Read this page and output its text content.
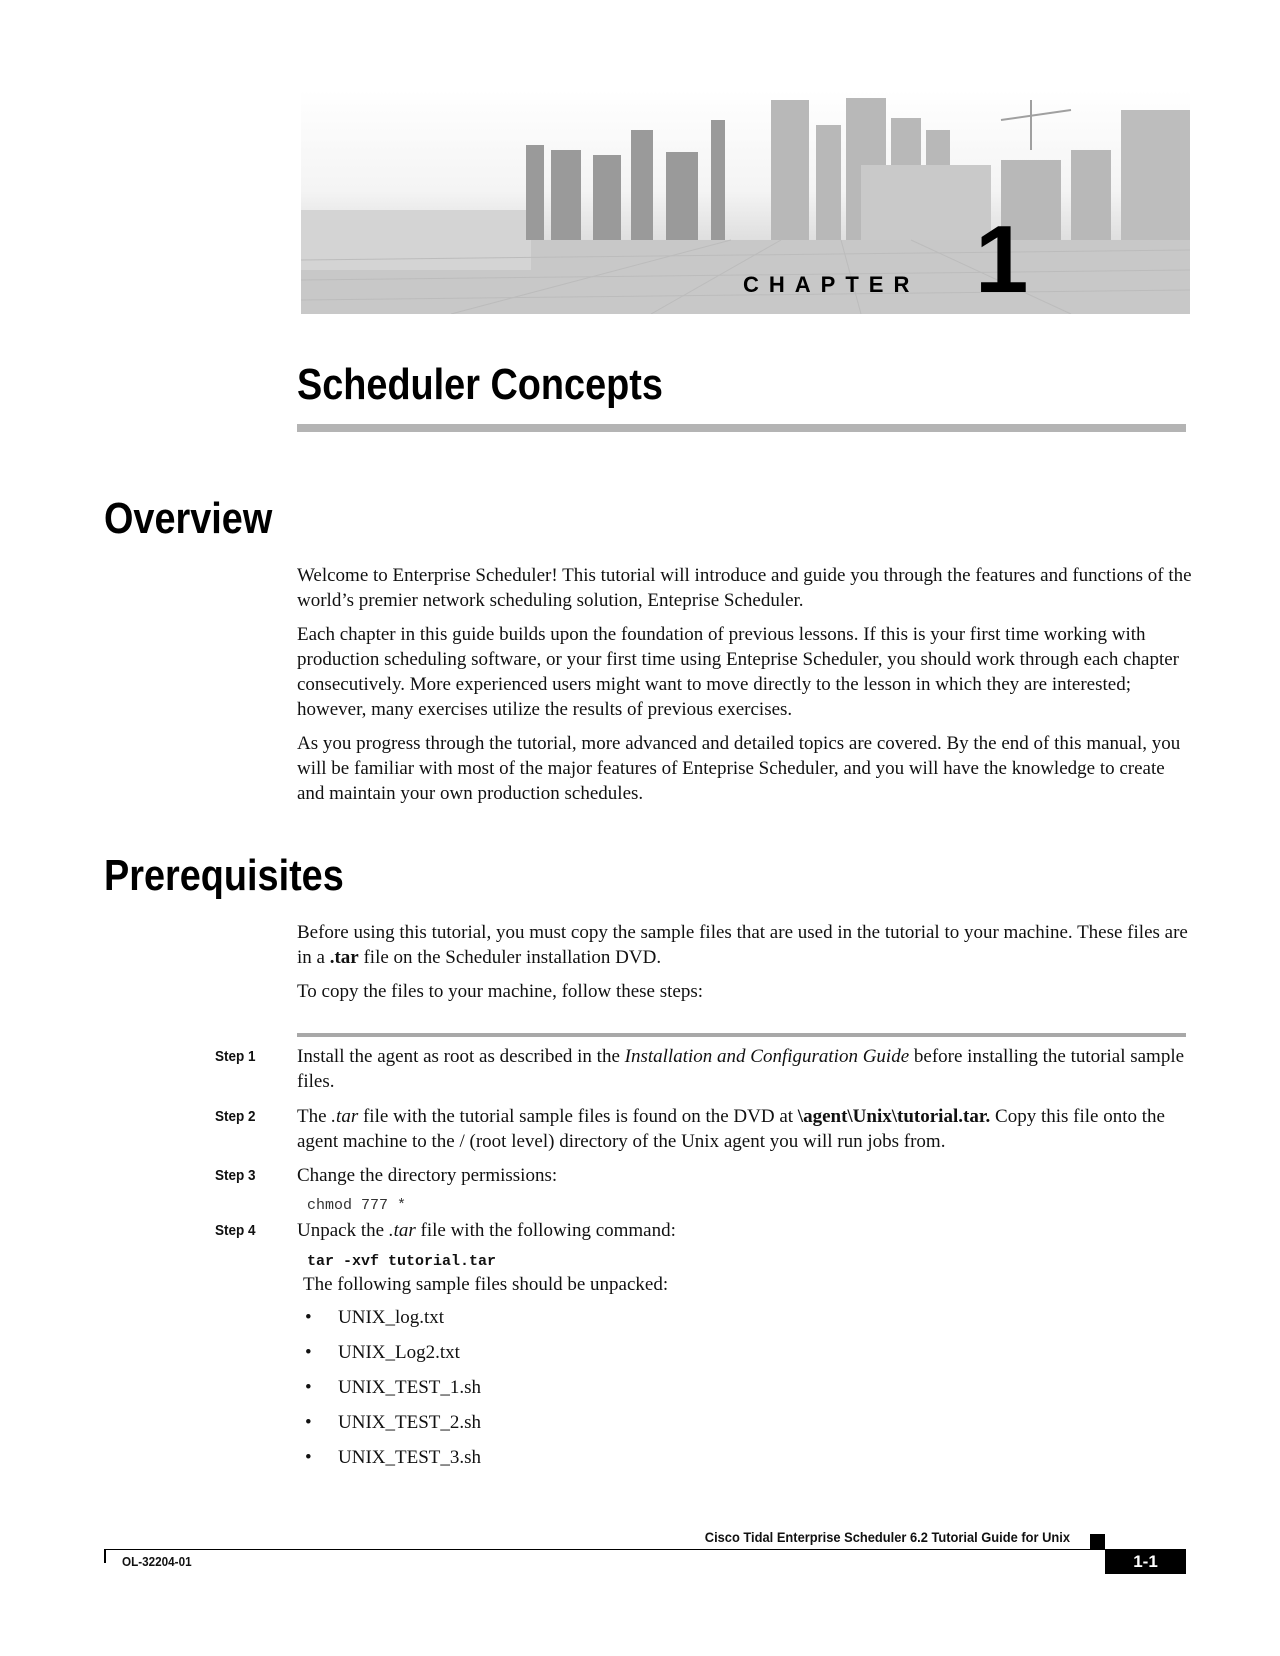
CHAPTER 1
Scheduler Concepts
Overview

Welcome to Enterprise Scheduler! This tutorial will introduce and guide you through the features and functions of the world’s premier network scheduling solution, Enteprise Scheduler.

Each chapter in this guide builds upon the foundation of previous lessons. If this is your first time working with production scheduling software, or your first time using Enteprise Scheduler, you should work through each chapter consecutively. More experienced users might want to move directly to the lesson in which they are interested; however, many exercises utilize the results of previous exercises.

As you progress through the tutorial, more advanced and detailed topics are covered. By the end of this manual, you will be familiar with most of the major features of Enteprise Scheduler, and you will have the knowledge to create and maintain your own production schedules.

Prerequisites

Before using this tutorial, you must copy the sample files that are used in the tutorial to your machine. These files are in a .tar file on the Scheduler installation DVD.

To copy the files to your machine, follow these steps:

Step 1 Install the agent as root as described in the Installation and Configuration Guide before installing the tutorial sample files.

Step 2 The .tar file with the tutorial sample files is found on the DVD at \agent\Unix\tutorial.tar. Copy this file onto the agent machine to the / (root level) directory of the Unix agent you will run jobs from.

Step 3 Change the directory permissions:

chmod 777 *
Step 4 Unpack the .tar file with the following command:

tar -xvf tutorial.tar

The following sample files should be unpacked:

• UNIX_log.txt
• UNIX_Log2.txt
• UNIX_TEST_1.sh
• UNIX_TEST_2.sh
• UNIX_TEST_3.sh
Cisco Tidal Enterprise Scheduler 6.2 Tutorial Guide for Unix
OL-32204-01	1-1
